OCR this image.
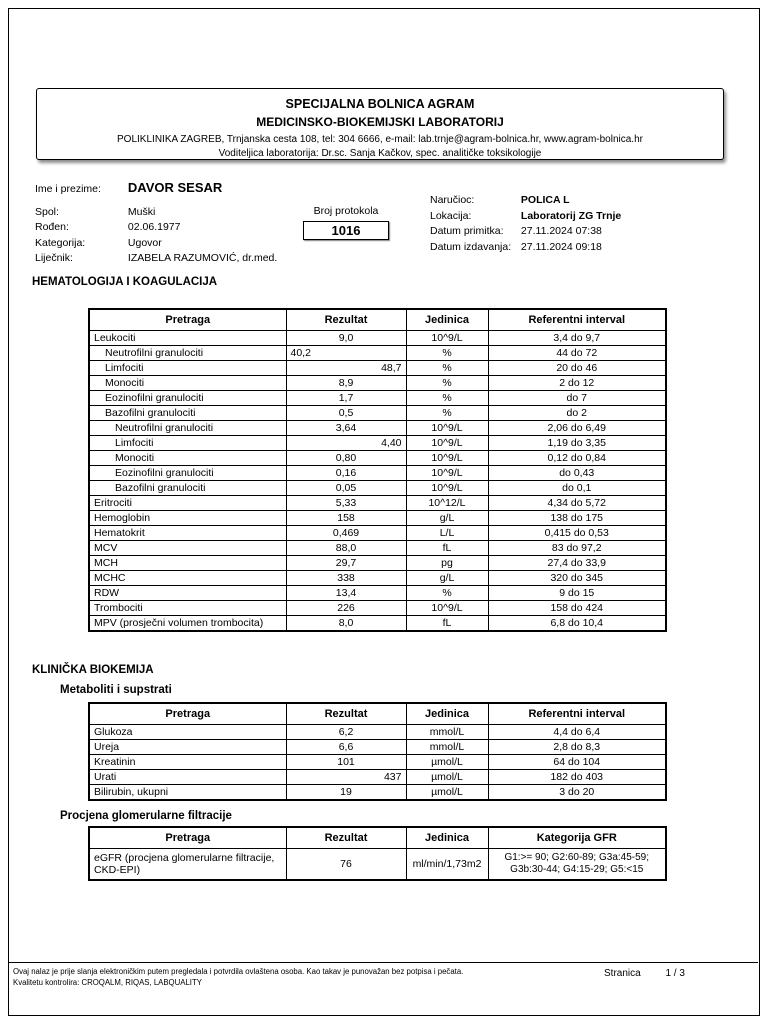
SPECIJALNA BOLNICA AGRAM
MEDICINSKO-BIOKEMIJSKI LABORATORIJ
POLIKLINIKA ZAGREB, Trnjanska cesta 108, tel: 304 6666, e-mail: lab.trnje@agram-bolnica.hr, www.agram-bolnica.hr
Voditeljica laboratorija: Dr.sc. Sanja Kačkov, spec. analitičke toksikologije
Ime i prezime: DAVOR SESAR
Spol:	Muški
Rođen:	02.06.1977
Kategorija:	Ugovor
Liječnik:	IZABELA RAZUMOVIĆ, dr.med.
Broj protokola
1016
Naručioc:	POLICA L
Lokacija:	Laboratorij ZG Trnje
Datum primitka: 27.11.2024 07:38
Datum izdavanja: 27.11.2024 09:18
HEMATOLOGIJA I KOAGULACIJA
Pretraga	Rezultat	Jedinica	Referentni interval
Leukociti	9,0	10^9/L	3,4 do 9,7
Neutrofilni granulociti	40,2	%	44 do 72
Limfociti	48,7	%	20 do 46
Monociti	8,9	%	2 do 12
Eozinofilni granulociti	1,7	%	do 7
Bazofilni granulociti	0,5	%	do 2
Neutrofilni granulociti	3,64	10^9/L	2,06 do 6,49
Limfociti	4,40	10^9/L	1,19 do 3,35
Monociti	0,80	10^9/L	0,12 do 0,84
Eozinofilni granulociti	0,16	10^9/L	do 0,43
Bazofilni granulociti	0,05	10^9/L	do 0,1
Eritrociti	5,33	10^12/L	4,34 do 5,72
Hemoglobin	158	g/L	138 do 175
Hematokrit	0,469	L/L	0,415 do 0,53
MCV	88,0	fL	83 do 97,2
MCH	29,7	pg	27,4 do 33,9
MCHC	338	g/L	320 do 345
RDW	13,4	%	9 do 15
Trombociti	226	10^9/L	158 do 424
MPV (prosječni volumen trombocita)	8,0	fL	6,8 do 10,4
KLINIČKA BIOKEMIJA
Metaboliti i supstrati
Pretraga	Rezultat	Jedinica	Referentni interval
Glukoza	6,2	mmol/L	4,4 do 6,4
Ureja	6,6	mmol/L	2,8 do 8,3
Kreatinin	101	µmol/L	64 do 104
Urati	437	µmol/L	182 do 403
Bilirubin, ukupni	19	µmol/L	3 do 20
Procjena glomerularne filtracije
Pretraga	Rezultat	Jedinica	Kategorija GFR
eGFR (procjena glomerularne filtracije, CKD-EPI)	76	ml/min/1,73m2	G1:>= 90; G2:60-89; G3a:45-59; G3b:30-44; G4:15-29; G5:<15
Ovaj nalaz je prije slanja elektroničkim putem pregledala i potvrdila ovlaštena osoba. Kao takav je punovažan bez potpisa i pečata.
Kvalitetu kontrolira: CROQALM, RIQAS, LABQUALITY
Stranica 1 / 3
